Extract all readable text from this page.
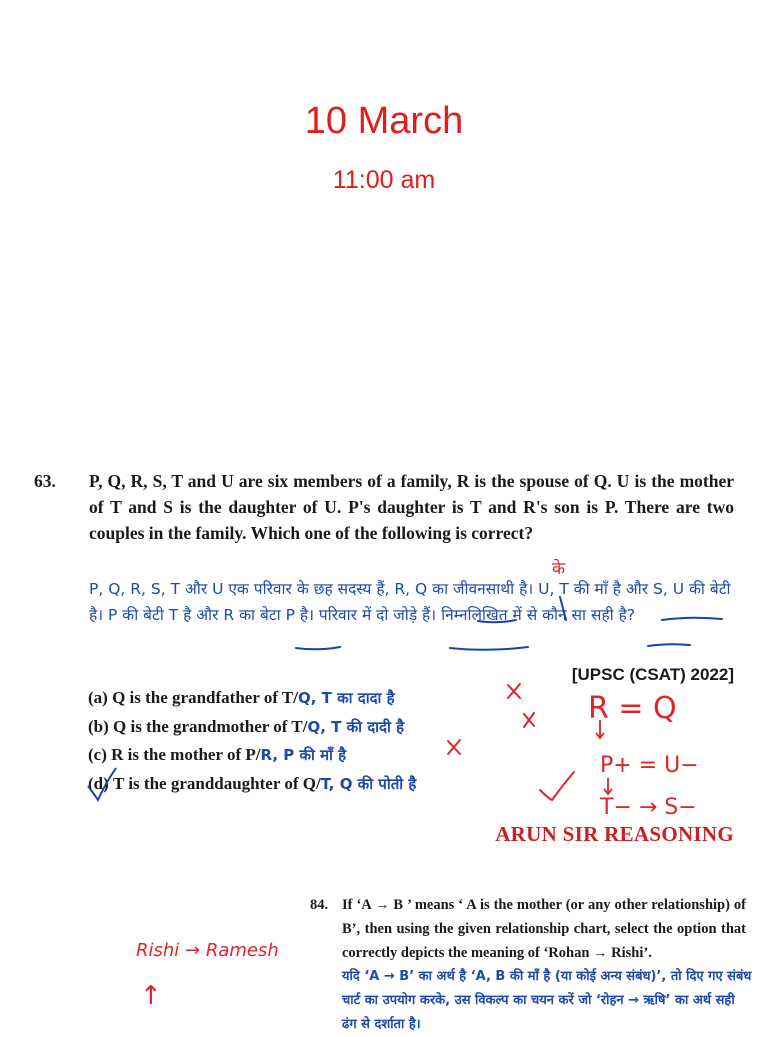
10 March
11:00 am
63. P, Q, R, S, T and U are six members of a family, R is the spouse of Q. U is the mother of T and S is the daughter of U. P's daughter is T and R's son is P. There are two couples in the family. Which one of the following is correct?
P, Q, R, S, T और U एक परिवार के छह सदस्य हैं, R, Q का जीवनसाथी है। U, T की माँ है और S, U की बेटी है। P की बेटी T है और R का बेटा P है। परिवार में दो जोड़े हैं। निम्नलिखित में से कौन सा सही है?
[UPSC (CSAT) 2022]
(a) Q is the grandfather of T/Q, T का दादा है
(b) Q is the grandmother of T/Q, T की दादी है
(c) R is the mother of P/R, P की माँ है
(d) T is the granddaughter of Q/T, Q की पोती है
ARUN SIR REASONING
84. If ‘A → B ’ means ‘ A is the mother (or any other relationship) of B’, then using the given relationship chart, select the option that correctly depicts the meaning of ‘Rohan → Rishi’.
यदि ‘A → B’ का अर्थ है ‘A, B की माँ है (या कोई अन्य संबंध)’, तो दिए गए संबंध चार्ट का उपयोग करके, उस विकल्प का चयन करें जो ‘रोहन → ऋषि’ का अर्थ सही ढंग से दर्शाता है।
के
R = Q
P+ = U−
T− → S−
Rishi → Ramesh
↑
